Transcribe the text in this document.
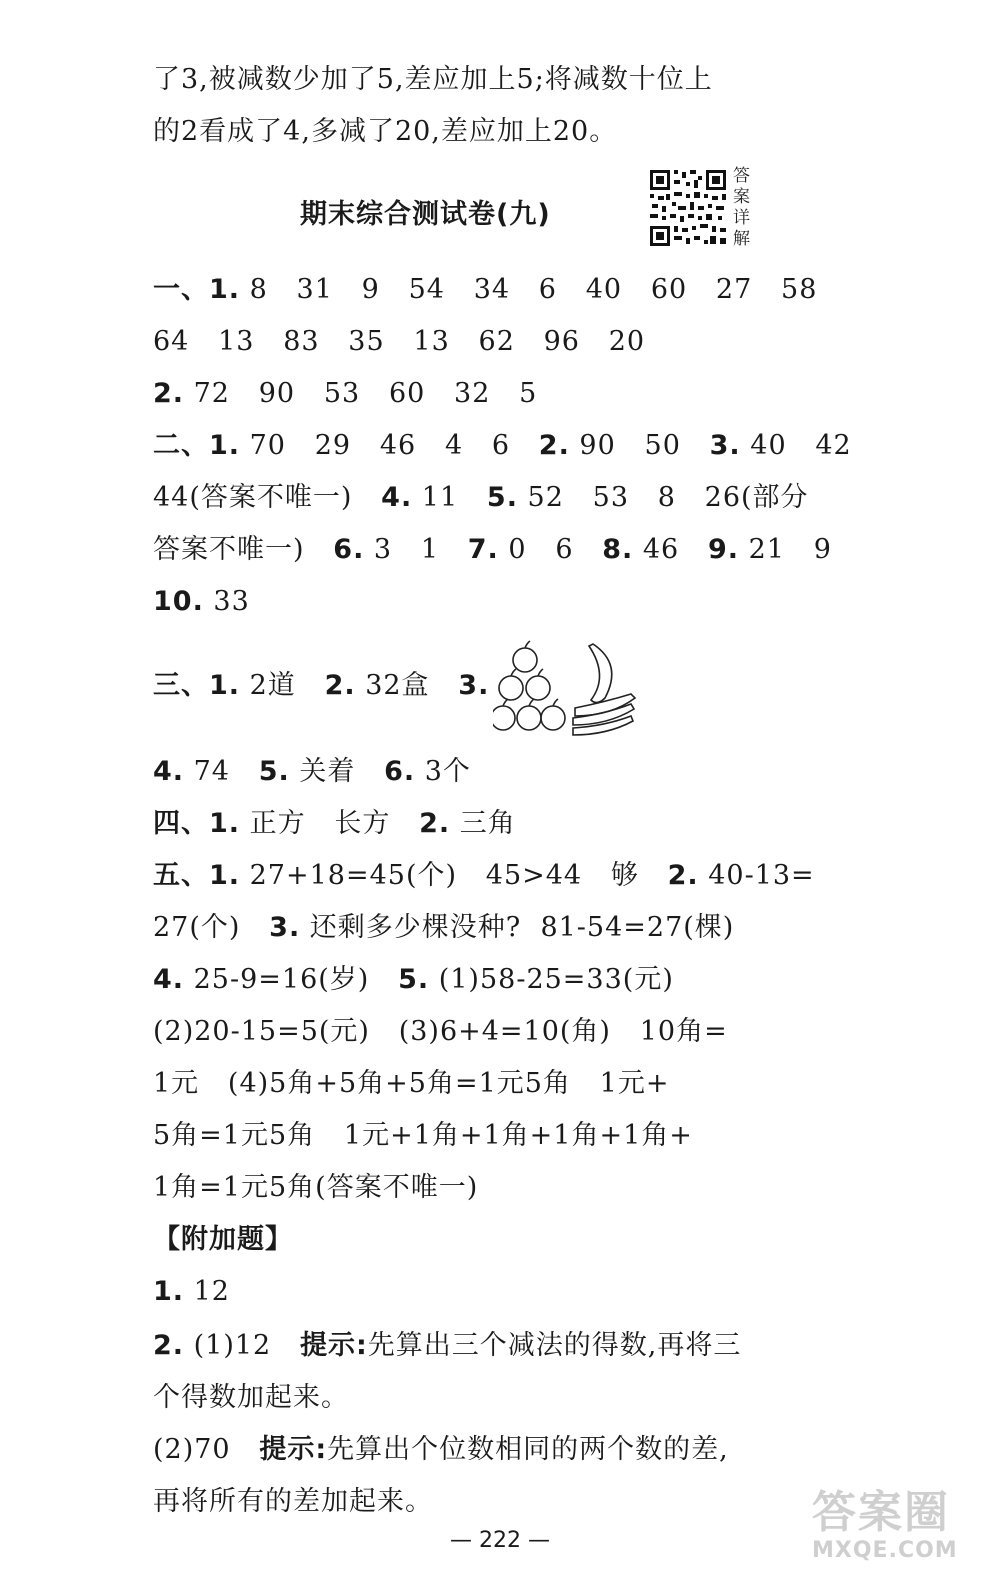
了3,被减数少加了5,差应加上5;将减数十位上
的2看成了4,多减了20,差应加上20。
期末综合测试卷(九)
答案详解
一、1. 8   31   9   54   34   6   40   60   27   58
64   13   83   35   13   62   96   20
2. 72   90   53   60   32   5
二、1. 70   29   46   4   6   2. 90   50   3. 40   42
44(答案不唯一)   4. 11   5. 52   53   8   26(部分
答案不唯一)   6. 3   1   7. 0   6   8. 46   9. 21   9
10. 33
三、1. 2道   2. 32盒   3.
4. 74   5. 关着   6. 3个
四、1. 正方   长方   2. 三角
五、1. 27+18=45(个)   45>44   够   2. 40-13=
27(个)   3. 还剩多少棵没种?  81-54=27(棵)
4. 25-9=16(岁)   5. (1)58-25=33(元)
(2)20-15=5(元)   (3)6+4=10(角)   10角=
1元   (4)5角+5角+5角=1元5角   1元+
5角=1元5角   1元+1角+1角+1角+1角+
1角=1元5角(答案不唯一)
【附加题】
1. 12
2. (1)12   提示:先算出三个减法的得数,再将三
个得数加起来。
(2)70   提示:先算出个位数相同的两个数的差,
再将所有的差加起来。
— 222 —
答案圈
MXQE.COM
